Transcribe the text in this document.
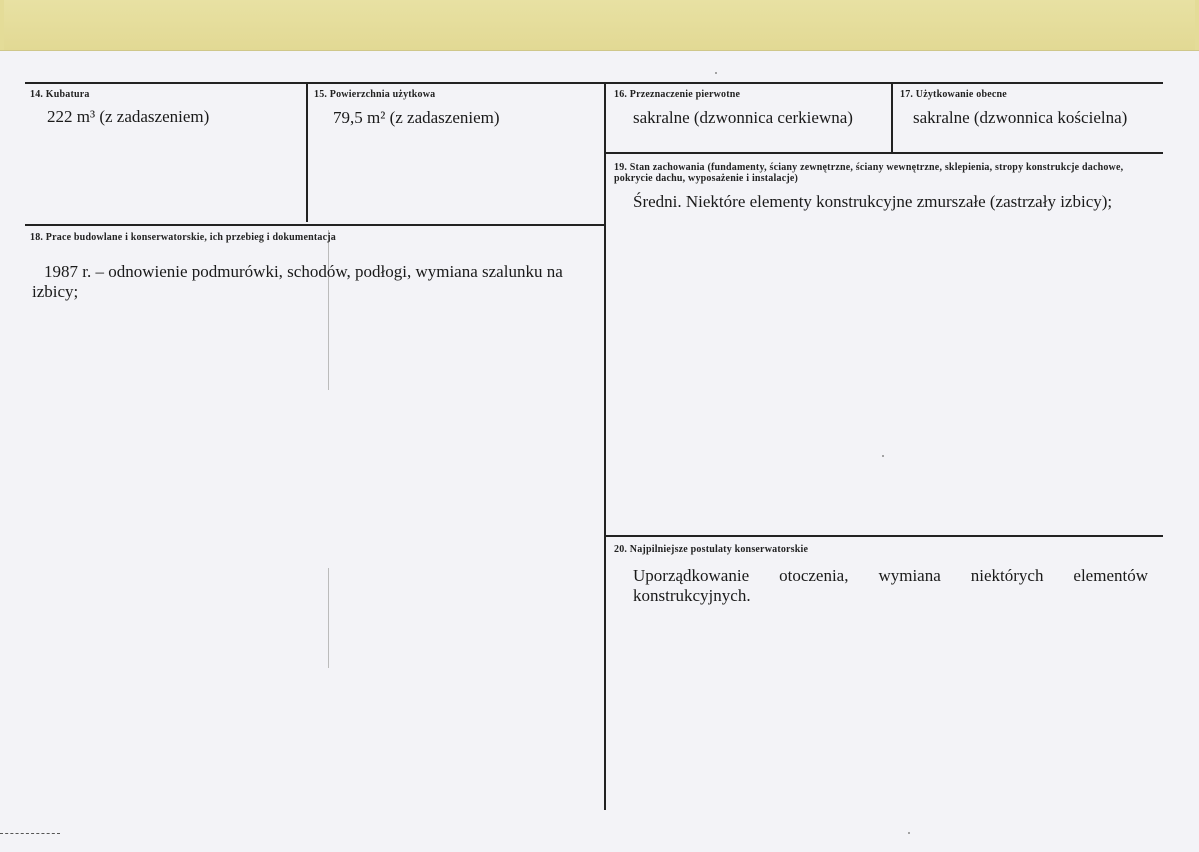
14. Kubatura
222 m³ (z zadaszeniem)
15. Powierzchnia użytkowa
79,5 m² (z zadaszeniem)
16. Przeznaczenie pierwotne
sakralne (dzwonnica cerkiewna)
17. Użytkowanie obecne
sakralne (dzwonnica kościelna)
18. Prace budowlane i konserwatorskie, ich przebieg i dokumentacja
1987 r. – odnowienie podmurówki, schodów, podłogi, wymiana szalunku na izbicy;
19. Stan zachowania (fundamenty, ściany zewnętrzne, ściany wewnętrzne, sklepienia, stropy konstrukcje dachowe, pokrycie dachu, wyposażenie i instalacje)
Średni. Niektóre elementy konstrukcyjne zmurszałe (zastrzały izbicy);
20. Najpilniejsze postulaty konserwatorskie
Uporządkowanie otoczenia, wymiana niektórych elementów konstrukcyjnych.
